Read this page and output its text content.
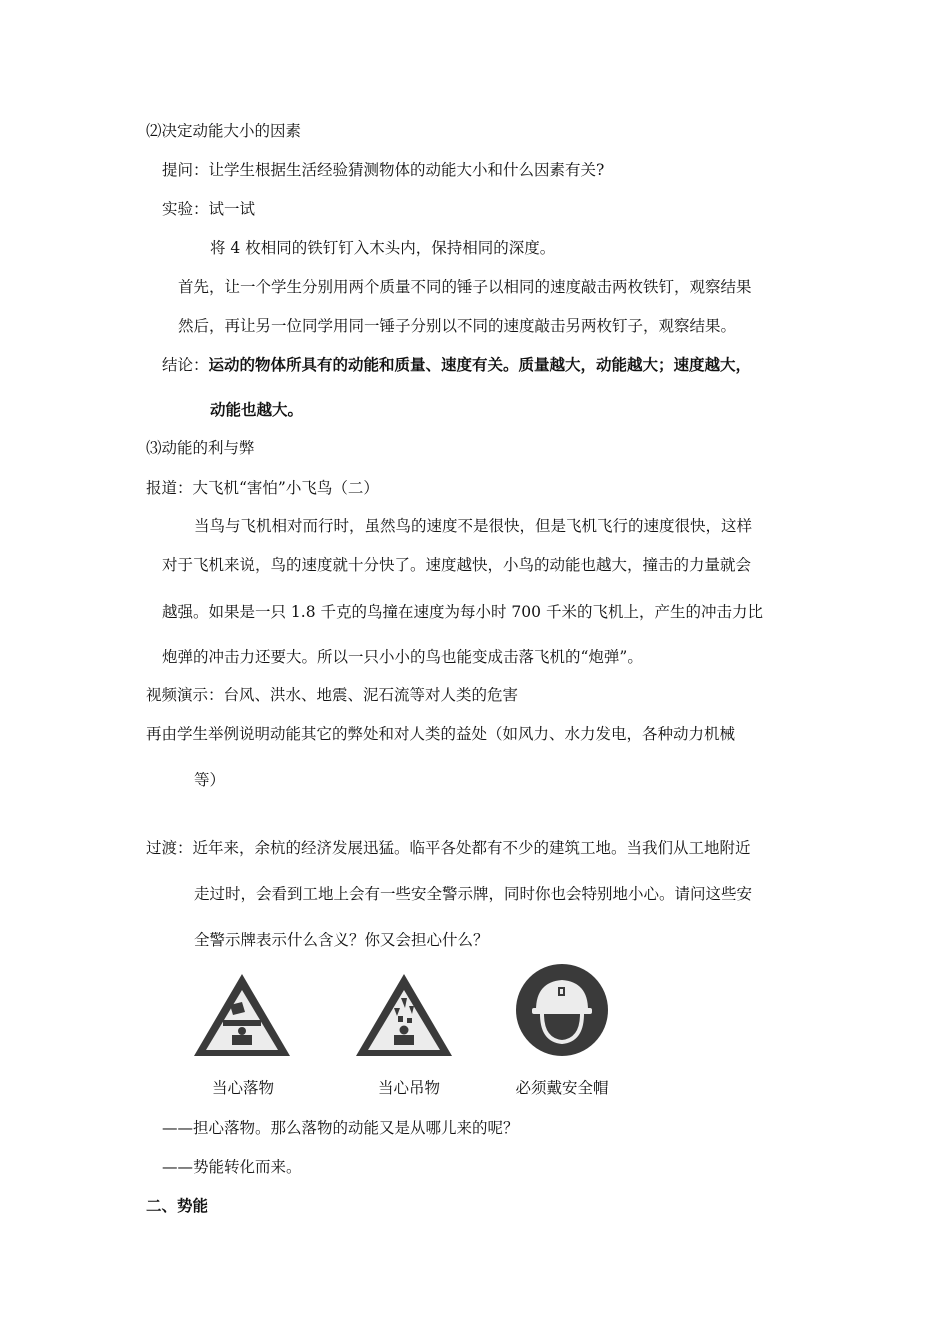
⑵决定动能大小的因素
提问：让学生根据生活经验猜测物体的动能大小和什么因素有关?
实验：试一试
将 4 枚相同的铁钉钉入木头内，保持相同的深度。
首先，让一个学生分别用两个质量不同的锤子以相同的速度敲击两枚铁钉，观察结果
然后，再让另一位同学用同一锤子分别以不同的速度敲击另两枚钉子，观察结果。
结论：运动的物体所具有的动能和质量、速度有关。质量越大，动能越大；速度越大，
动能也越大。
⑶动能的利与弊
报道：大飞机“害怕”小飞鸟（二）
当鸟与飞机相对而行时，虽然鸟的速度不是很快，但是飞机飞行的速度很快，这样
对于飞机来说，鸟的速度就十分快了。速度越快，小鸟的动能也越大，撞击的力量就会
越强。如果是一只 1.8 千克的鸟撞在速度为每小时 700 千米的飞机上，产生的冲击力比
炮弹的冲击力还要大。所以一只小小的鸟也能变成击落飞机的“炮弹”。
视频演示：台风、洪水、地震、泥石流等对人类的危害
再由学生举例说明动能其它的弊处和对人类的益处（如风力、水力发电，各种动力机械
等）
过渡：近年来，余杭的经济发展迅猛。临平各处都有不少的建筑工地。当我们从工地附近
走过时，会看到工地上会有一些安全警示牌，同时你也会特别地小心。请问这些安
全警示牌表示什么含义？你又会担心什么？
当心落物	当心吊物	必须戴安全帽
——担心落物。那么落物的动能又是从哪儿来的呢？
——势能转化而来。
二、势能
